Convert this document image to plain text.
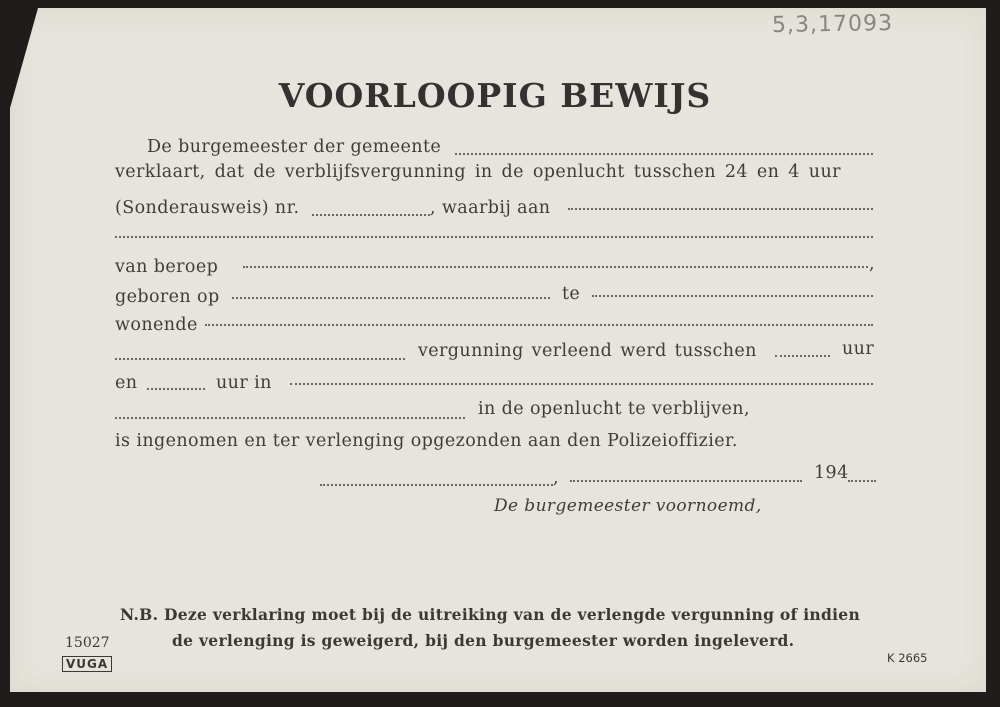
5,3,17093
VOORLOOPIG BEWIJS
De burgemeester der gemeente
verklaart, dat de verblijfsvergunning in de openlucht tusschen 24 en 4 uur
(Sonderausweis) nr.	, waarbij aan
van beroep	,
geboren op	te
wonende
vergunning verleend werd tusschen	uur
en	uur in
in de openlucht te verblijven,
is ingenomen en ter verlenging opgezonden aan den Polizeioffizier.
,	194
De burgemeester voornoemd,
N.B. Deze verklaring moet bij de uitreiking van de verlengde vergunning of indien
de verlenging is geweigerd, bij den burgemeester worden ingeleverd.
15027
VUGA	K 2665
